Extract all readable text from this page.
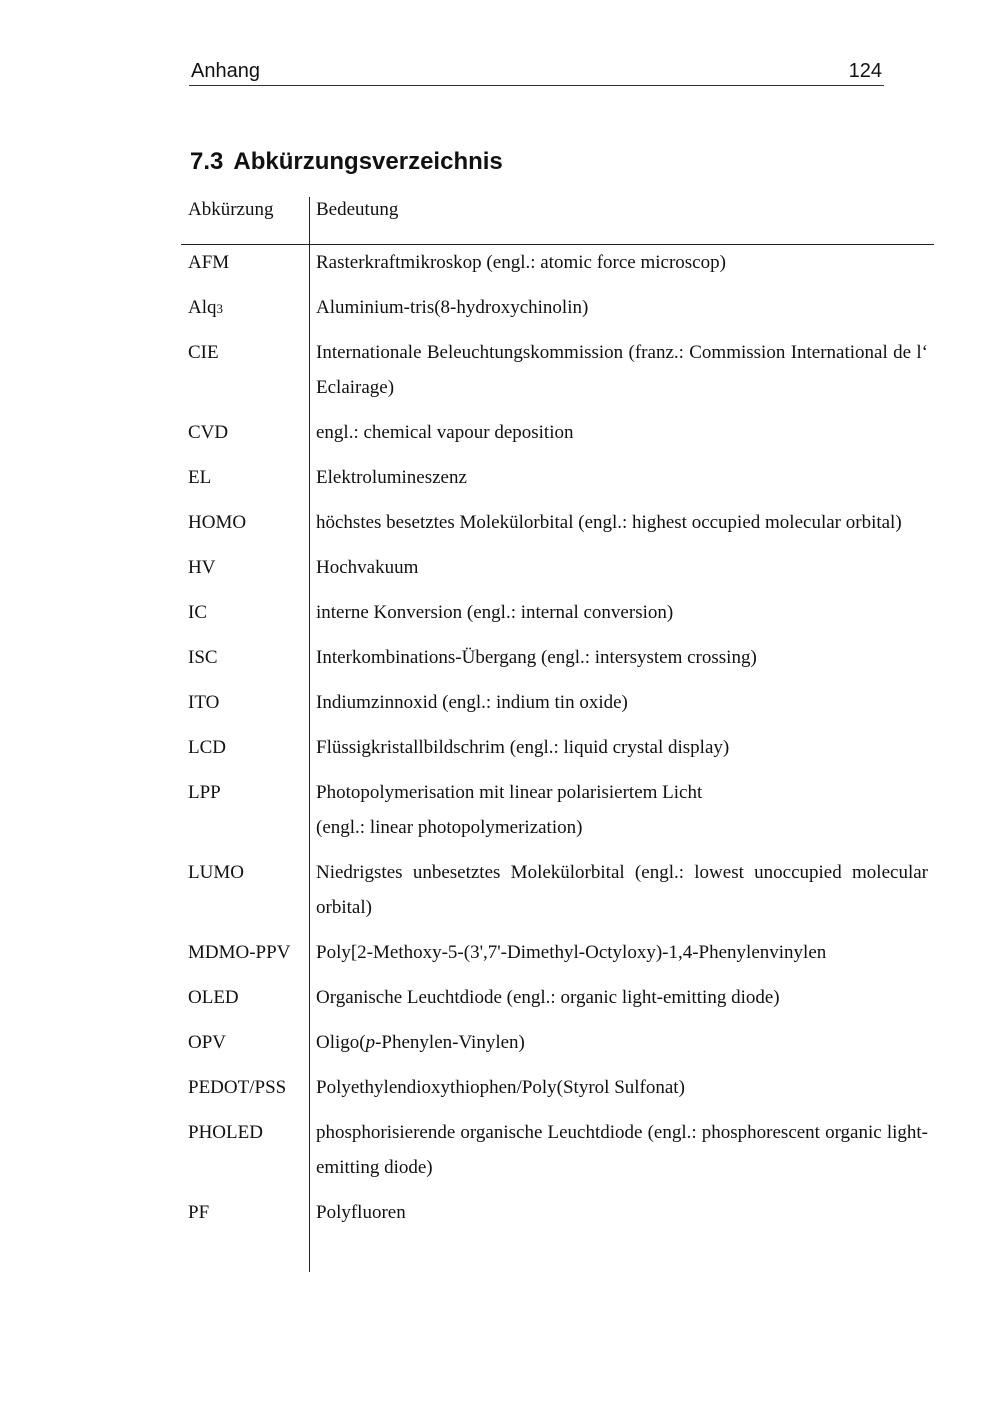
Anhang	124
7.3 Abkürzungsverzeichnis
Abkürzung Bedeutung
AFM	Rasterkraftmikroskop (engl.: atomic force microscop)
Alq3	Aluminium-tris(8-hydroxychinolin)
CIE	Internationale Beleuchtungskommission (franz.: Commission International de l‘ Eclairage)
CVD	engl.: chemical vapour deposition
EL	Elektrolumineszenz
HOMO	höchstes besetztes Molekülorbital (engl.: highest occupied molecular orbital)
HV	Hochvakuum
IC	interne Konversion (engl.: internal conversion)
ISC	Interkombinations-Übergang (engl.: intersystem crossing)
ITO	Indiumzinnoxid (engl.: indium tin oxide)
LCD	Flüssigkristallbildschrim (engl.: liquid crystal display)
LPP	Photopolymerisation mit linear polarisiertem Licht
(engl.: linear photopolymerization)
LUMO	Niedrigstes unbesetztes Molekülorbital (engl.: lowest unoccupied molecular orbital)
MDMO-PPV Poly[2-Methoxy-5-(3',7'-Dimethyl-Octyloxy)-1,4-Phenylenvinylen
OLED	Organische Leuchtdiode (engl.: organic light-emitting diode)
OPV	Oligo(p-Phenylen-Vinylen)
PEDOT/PSS Polyethylendioxythiophen/Poly(Styrol Sulfonat)
PHOLED	phosphorisierende organische Leuchtdiode (engl.: phosphorescent organic light-emitting diode)
PF	Polyfluoren
